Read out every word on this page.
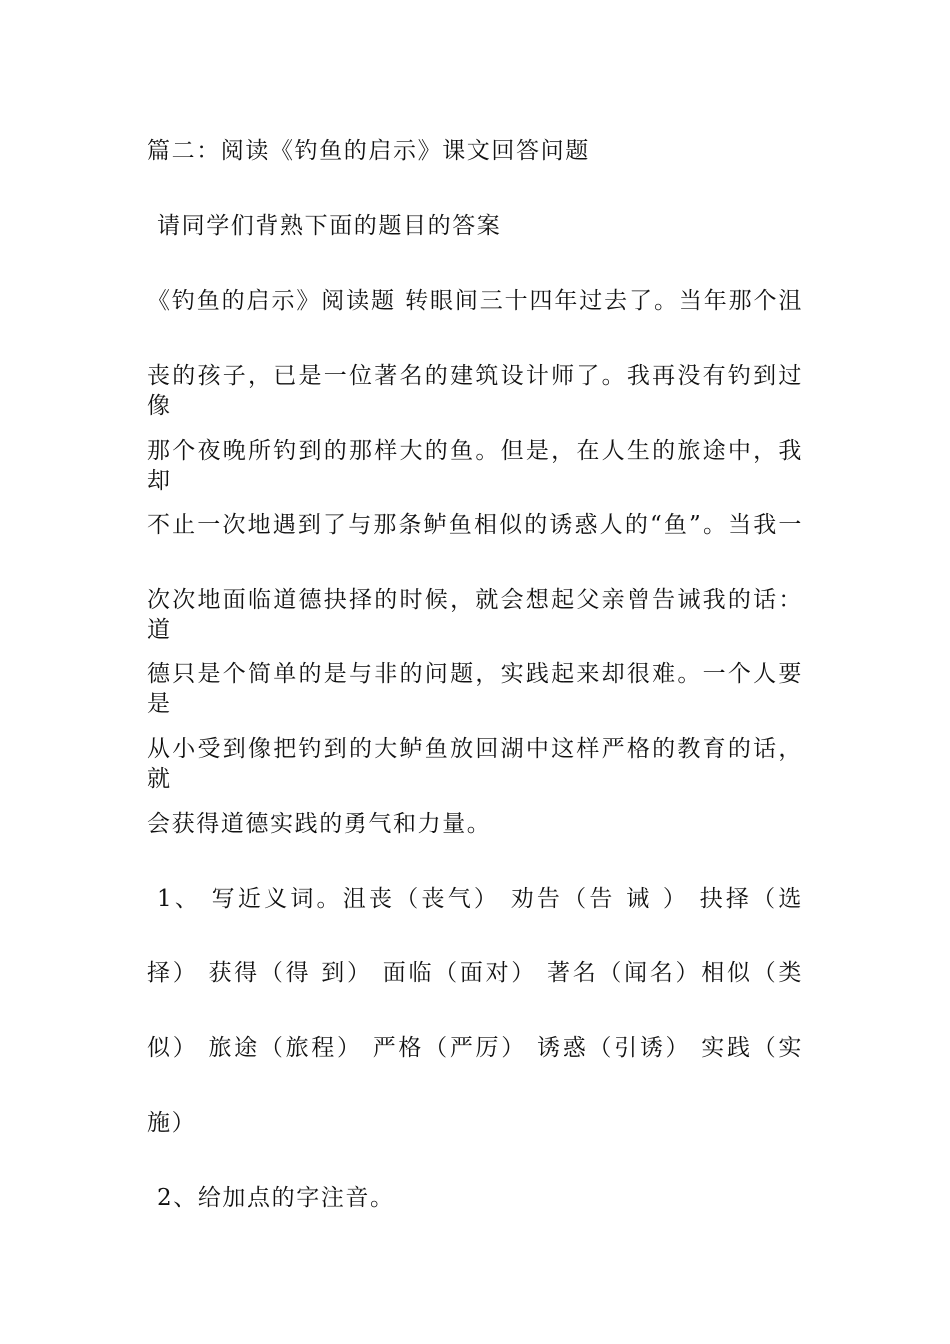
篇二：阅读《钓鱼的启示》课文回答问题
请同学们背熟下面的题目的答案
《钓鱼的启示》阅读题 转眼间三十四年过去了。当年那个沮
丧的孩子，已是一位著名的建筑设计师了。我再没有钓到过像
那个夜晚所钓到的那样大的鱼。但是，在人生的旅途中，我却
不止一次地遇到了与那条鲈鱼相似的诱惑人的“鱼”。当我一
次次地面临道德抉择的时候，就会想起父亲曾告诫我的话：道
德只是个简单的是与非的问题，实践起来却很难。一个人要是
从小受到像把钓到的大鲈鱼放回湖中这样严格的教育的话，就
会获得道德实践的勇气和力量。
1、 写近义词。沮丧（丧气） 劝告（告 诫 ） 抉择（选
择） 获得（得 到） 面临（面对） 著名（闻名）相似（类
似） 旅途（旅程） 严格（严厉） 诱惑（引诱） 实践（实
施）
2、给加点的字注音。
